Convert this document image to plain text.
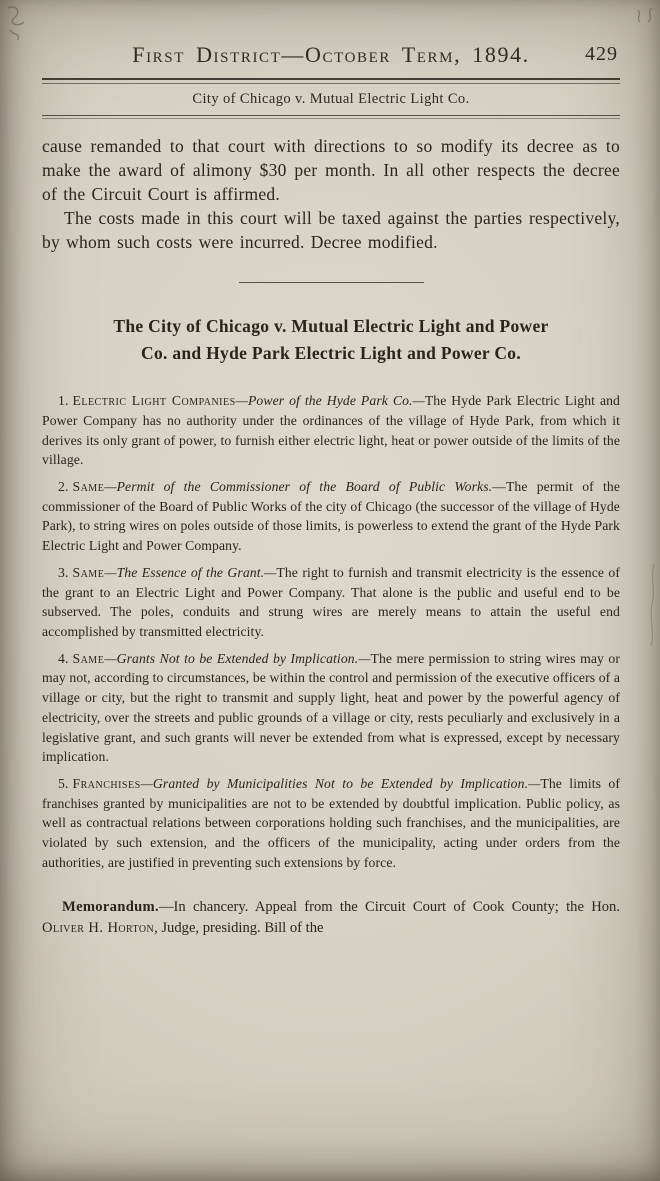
First District—October Term, 1894.	429
City of Chicago v. Mutual Electric Light Co.

cause remanded to that court with directions to so modify its decree as to make the award of alimony $30 per month. In all other respects the decree of the Circuit Court is affirmed.

The costs made in this court will be taxed against the parties respectively, by whom such costs were incurred. Decree modified.

The City of Chicago v. Mutual Electric Light and Power
Co. and Hyde Park Electric Light and Power Co.

1. Electric Light Companies—Power of the Hyde Park Co.—The Hyde Park Electric Light and Power Company has no authority under the ordinances of the village of Hyde Park, from which it derives its only grant of power, to furnish either electric light, heat or power outside of the limits of the village.

2. Same—Permit of the Commissioner of the Board of Public Works.—The permit of the commissioner of the Board of Public Works of the city of Chicago (the successor of the village of Hyde Park), to string wires on poles outside of those limits, is powerless to extend the grant of the Hyde Park Electric Light and Power Company.

3. Same—The Essence of the Grant.—The right to furnish and transmit electricity is the essence of the grant to an Electric Light and Power Company. That alone is the public and useful end to be subserved. The poles, conduits and strung wires are merely means to attain the useful end accomplished by transmitted electricity.

4. Same—Grants Not to be Extended by Implication.—The mere permission to string wires may or may not, according to circumstances, be within the control and permission of the executive officers of a village or city, but the right to transmit and supply light, heat and power by the powerful agency of electricity, over the streets and public grounds of a village or city, rests peculiarly and exclusively in a legislative grant, and such grants will never be extended from what is expressed, except by necessary implication.

5. Franchises—Granted by Municipalities Not to be Extended by Implication.—The limits of franchises granted by municipalities are not to be extended by doubtful implication. Public policy, as well as contractual relations between corporations holding such franchises, and the municipalities, are violated by such extension, and the officers of the municipality, acting under orders from the authorities, are justified in preventing such extensions by force.

Memorandum.—In chancery. Appeal from the Circuit Court of Cook County; the Hon. Oliver H. Horton, Judge, presiding. Bill of the
